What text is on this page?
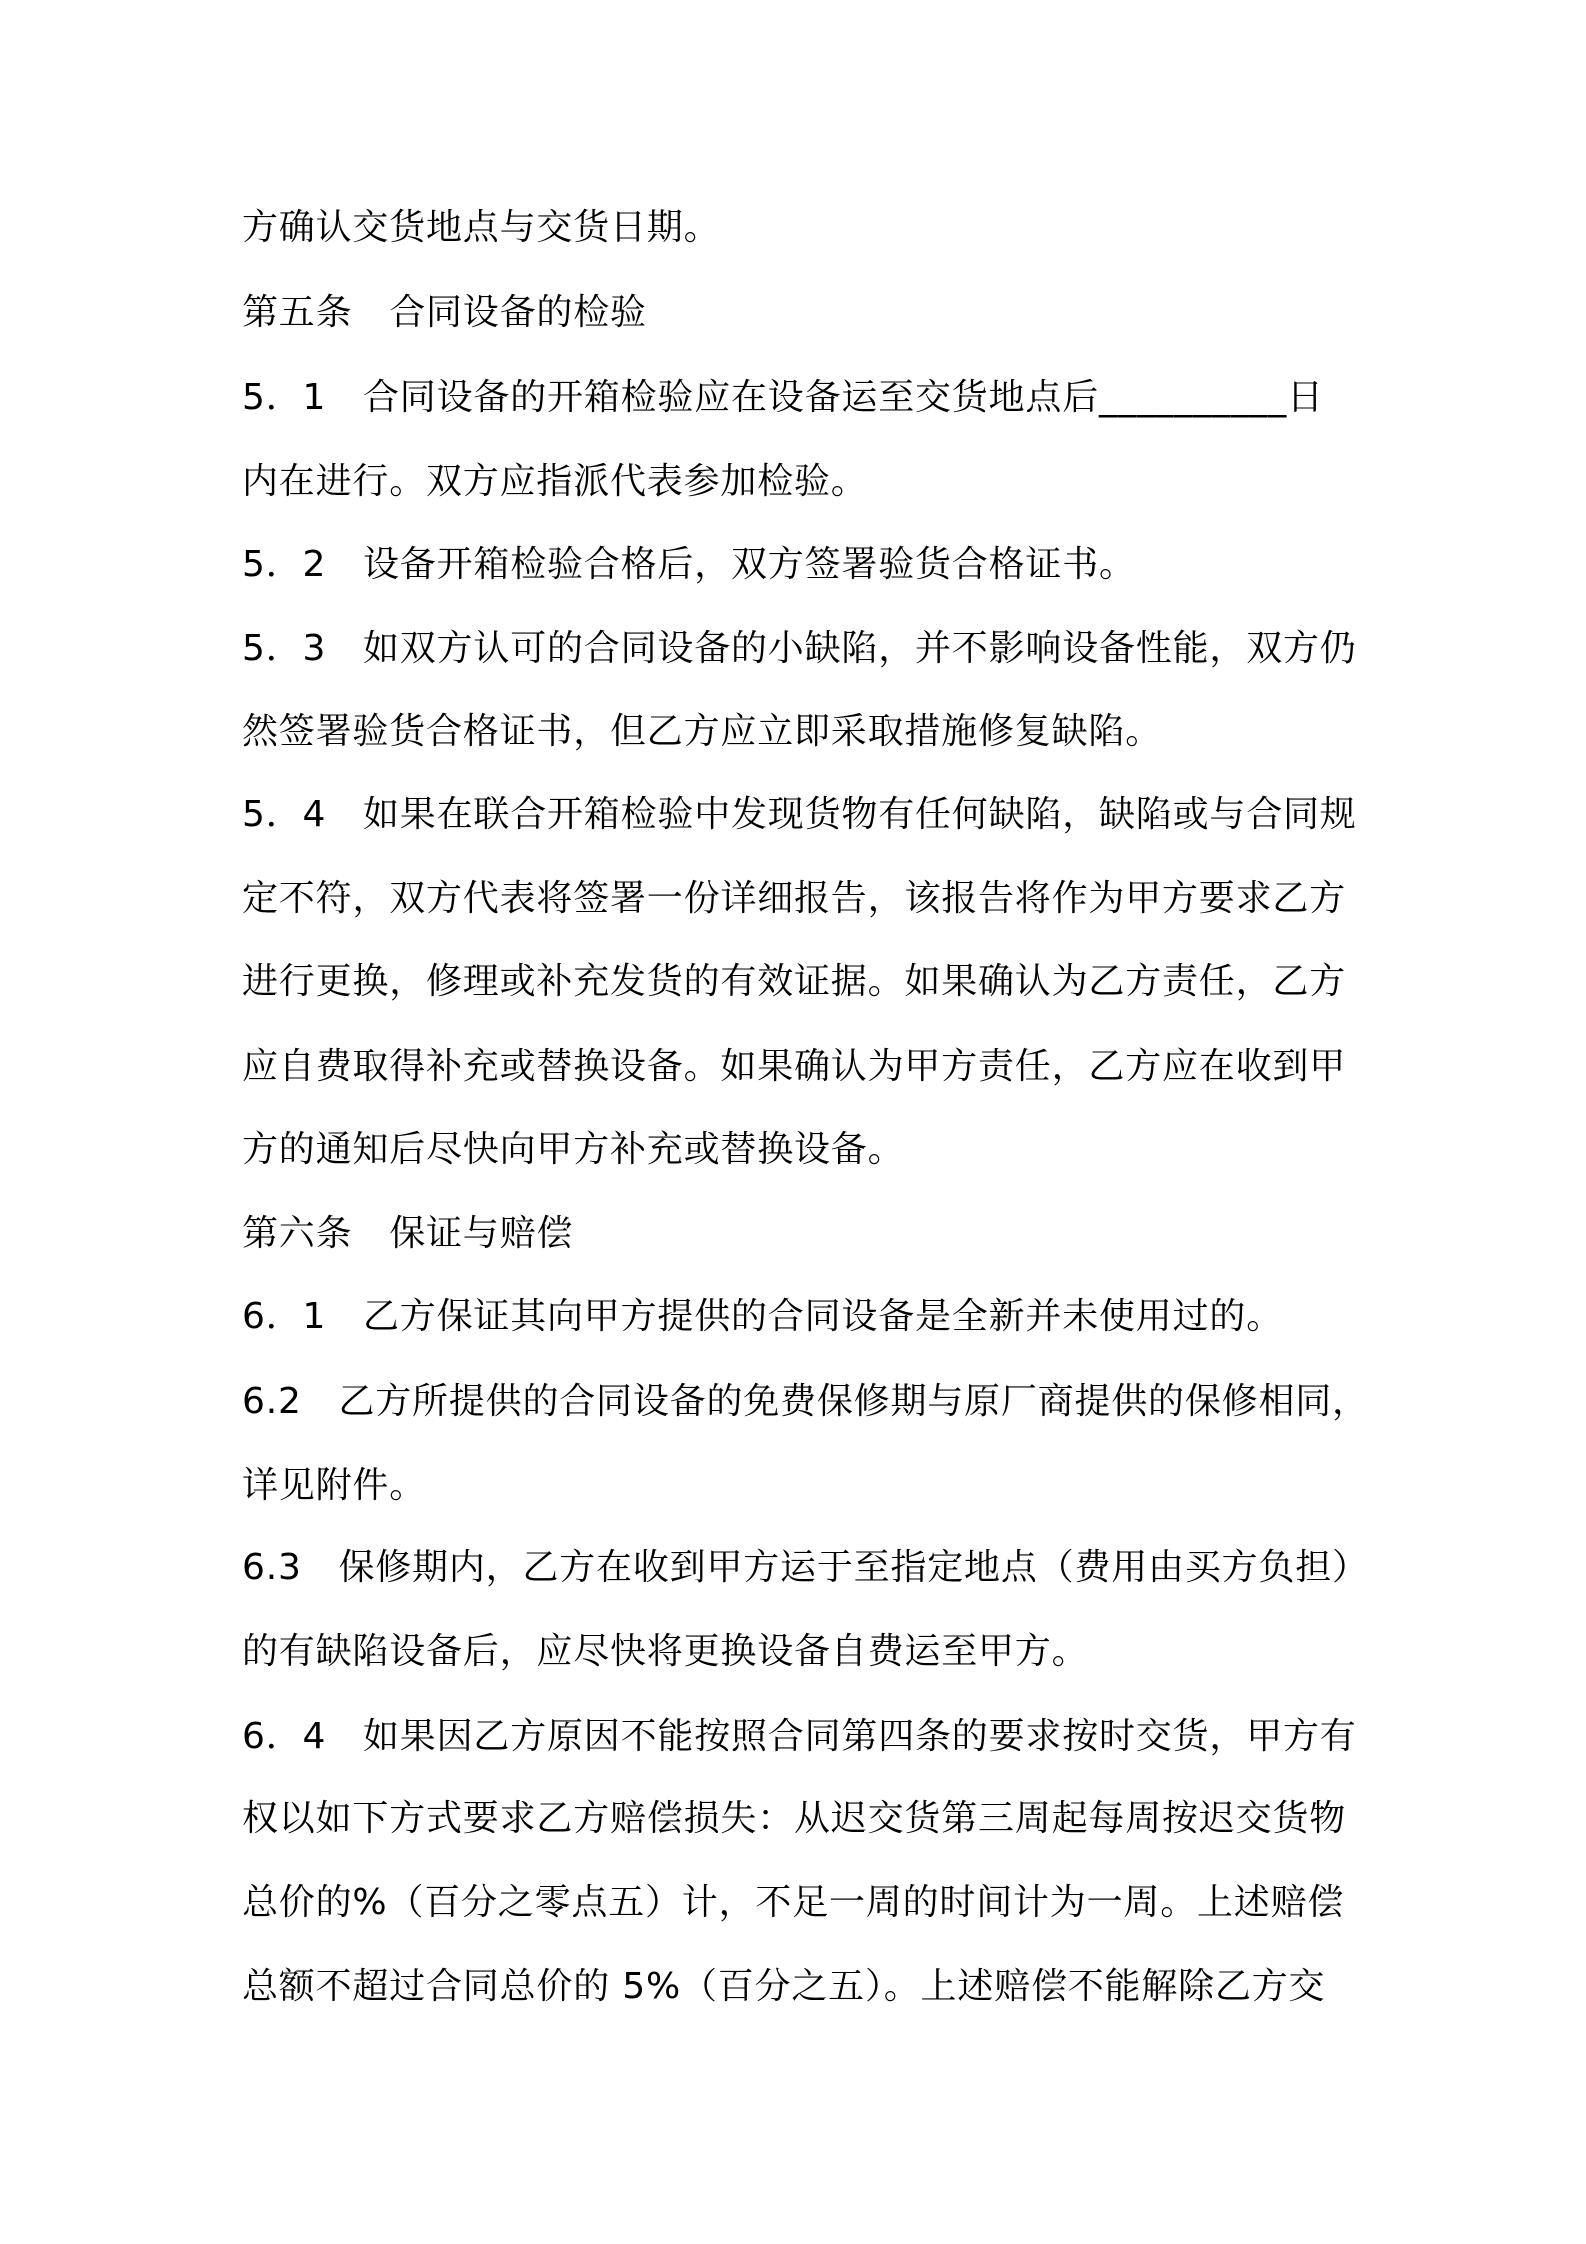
方确认交货地点与交货日期。
第五条　合同设备的检验
5．1　合同设备的开箱检验应在设备运至交货地点后__________日
内在进行。双方应指派代表参加检验。
5．2　设备开箱检验合格后，双方签署验货合格证书。
5．3　如双方认可的合同设备的小缺陷，并不影响设备性能，双方仍
然签署验货合格证书，但乙方应立即采取措施修复缺陷。
5．4　如果在联合开箱检验中发现货物有任何缺陷，缺陷或与合同规
定不符，双方代表将签署一份详细报告，该报告将作为甲方要求乙方
进行更换，修理或补充发货的有效证据。如果确认为乙方责任，乙方
应自费取得补充或替换设备。如果确认为甲方责任，乙方应在收到甲
方的通知后尽快向甲方补充或替换设备。
第六条　保证与赔偿
6．1　乙方保证其向甲方提供的合同设备是全新并未使用过的。
6.2　乙方所提供的合同设备的免费保修期与原厂商提供的保修相同，
详见附件。
6.3　保修期内，乙方在收到甲方运于至指定地点（费用由买方负担）
的有缺陷设备后，应尽快将更换设备自费运至甲方。
6．4　如果因乙方原因不能按照合同第四条的要求按时交货，甲方有
权以如下方式要求乙方赔偿损失：从迟交货第三周起每周按迟交货物
总价的%（百分之零点五）计，不足一周的时间计为一周。上述赔偿
总额不超过合同总价的 5%（百分之五）。上述赔偿不能解除乙方交
